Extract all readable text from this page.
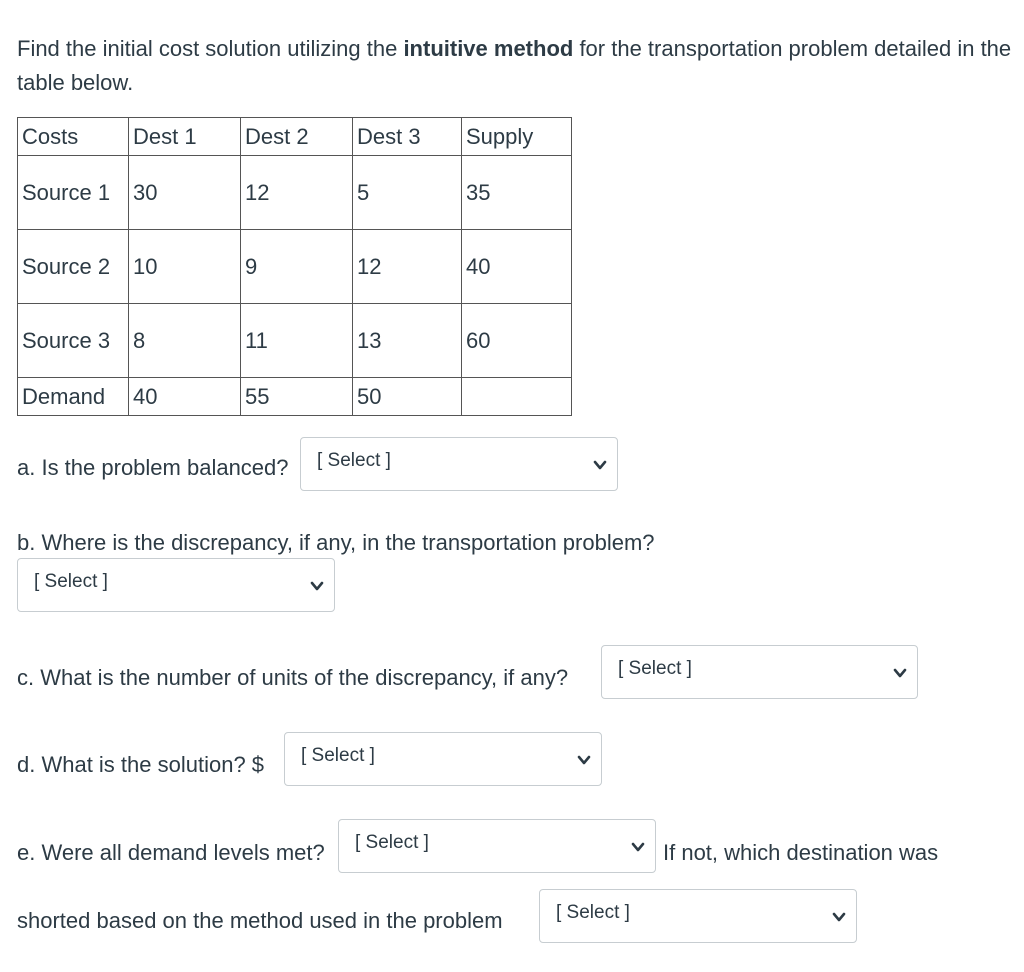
Find the initial cost solution utilizing the intuitive method for the transportation problem detailed in the table below.

Costs	Dest 1	Dest 2	Dest 3	Supply
Source 1	30	12	5	35
Source 2	10	9	12	40
Source 3	8	11	13	60
Demand	40	55	50	
a. Is the problem balanced?	[ Select ]
b. Where is the discrepancy, if any, in the transportation problem?
[ Select ]
c. What is the number of units of the discrepancy, if any?	[ Select ]
d. What is the solution? $	[ Select ]
e. Were all demand levels met?	[ Select ]	If not, which destination was
shorted based on the method used in the problem	[ Select ]
